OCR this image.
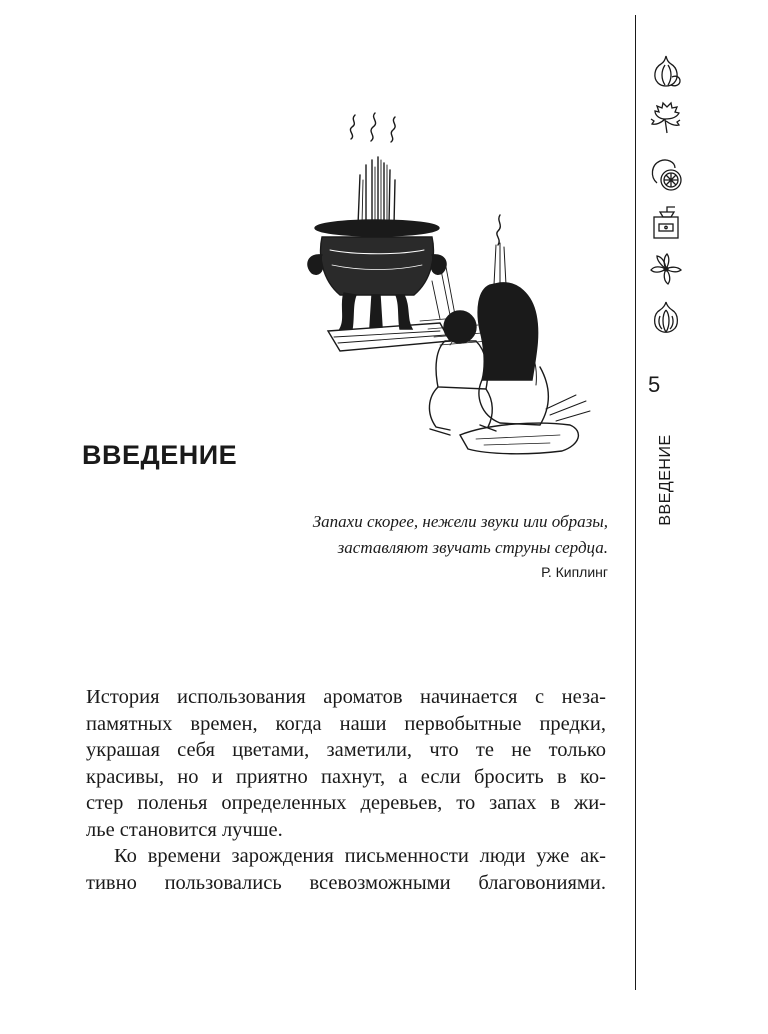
5
ВВЕДЕНИЕ
ВВЕДЕНИЕ
Запахи скорее, нежели звуки или образы,
заставляют звучать струны сердца.
Р. Киплинг
История использования ароматов начинается с неза-
памятных времен, когда наши первобытные предки,
украшая себя цветами, заметили, что те не только
красивы, но и приятно пахнут, а если бросить в ко-
стер поленья определенных деревьев, то запах в жи-
лье становится лучше.
Ко времени зарождения письменности люди уже ак-
тивно пользовались всевозможными благовониями.
